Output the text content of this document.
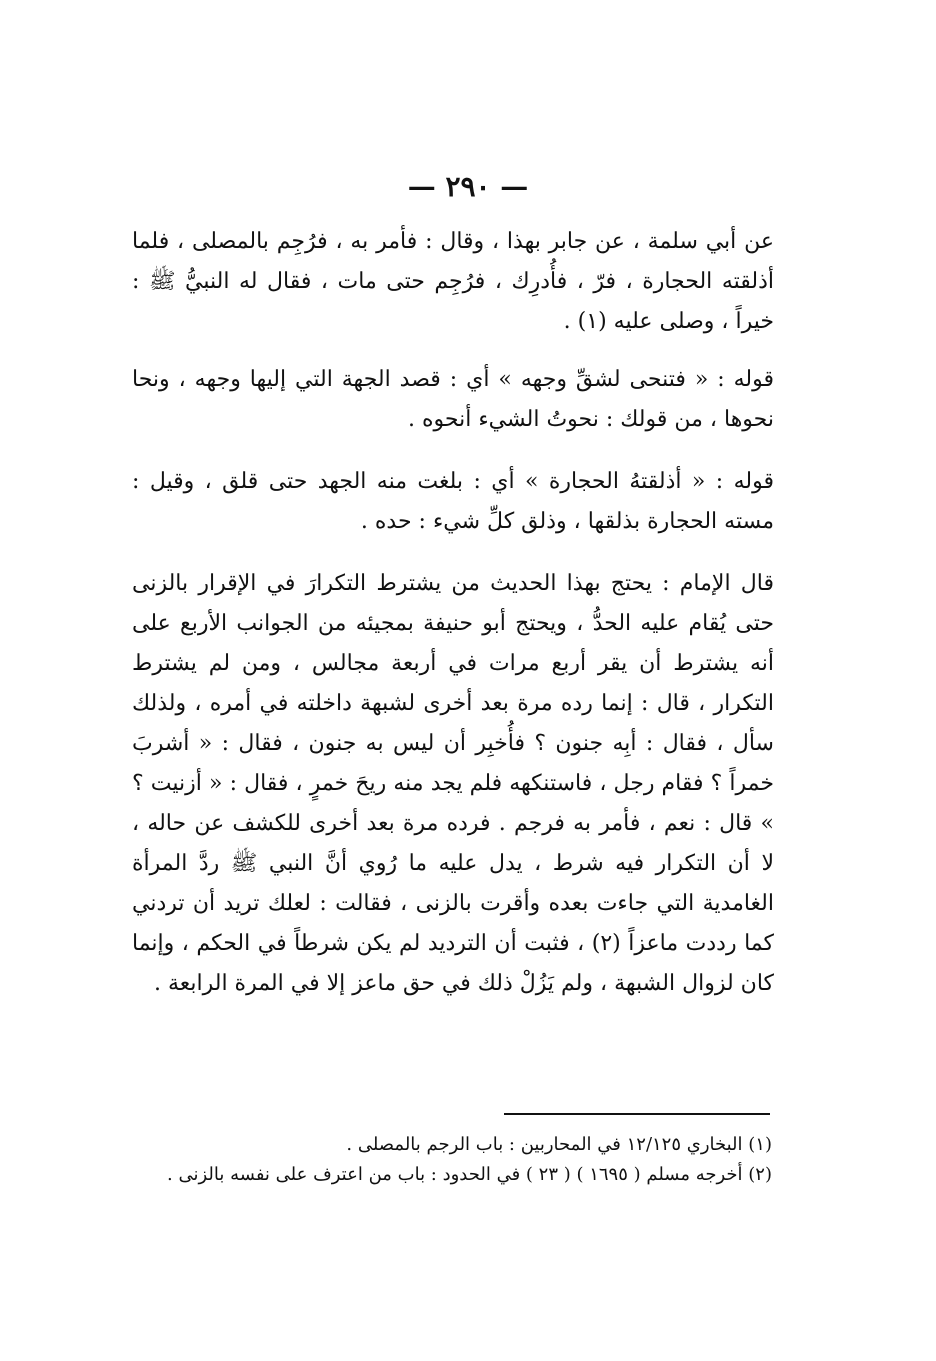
— ٢٩٠ —

عن أبي سلمة ، عن جابر بهذا ، وقال : فأمر به ، فرُجِم بالمصلى ، فلما أذلقته الحجارة ، فرّ ، فأُدرِك ، فرُجِم حتى مات ، فقال له النبيُّ ﷺ : خيراً ، وصلى عليه (١) .

قوله : « فتنحى لشقِّ وجهه » أي : قصد الجهة التي إليها وجهه ، ونحا نحوها ، من قولك : نحوتُ الشيء أنحوه .

قوله : « أذلقتهُ الحجارة » أي : بلغت منه الجهد حتى قلق ، وقيل : مسته الحجارة بذلقها ، وذلق كلِّ شيء : حده .

قال الإمام : يحتج بهذا الحديث من يشترط التكرارَ في الإقرار بالزنى حتى يُقام عليه الحدُّ ، ويحتج أبو حنيفة بمجيئه من الجوانب الأربع على أنه يشترط أن يقر أربع مرات في أربعة مجالس ، ومن لم يشترط التكرار ، قال : إنما رده مرة بعد أخرى لشبهة داخلته في أمره ، ولذلك سأل ، فقال : أبِه جنون ؟ فأُخبِر أن ليس به جنون ، فقال : « أشربَ خمراً ؟ فقام رجل ، فاستنكهه فلم يجد منه ريحَ خمرٍ ، فقال : « أزنيت ؟ » قال : نعم ، فأمر به فرجم . فرده مرة بعد أخرى للكشف عن حاله ، لا أن التكرار فيه شرط ، يدل عليه ما رُوي أنَّ النبي ﷺ ردَّ المرأة الغامدية التي جاءت بعده وأقرت بالزنى ، فقالت : لعلك تريد أن تردني كما رددت ماعزاً (٢) ، فثبت أن الترديد لم يكن شرطاً في الحكم ، وإنما كان لزوال الشبهة ، ولم يَزُلْ ذلك في حق ماعز إلا في المرة الرابعة .

(١) البخاري ١٢/١٢٥ في المحاربين : باب الرجم بالمصلى .

(٢) أخرجه مسلم ( ١٦٩٥ ) ( ٢٣ ) في الحدود : باب من اعترف على نفسه بالزنى .
